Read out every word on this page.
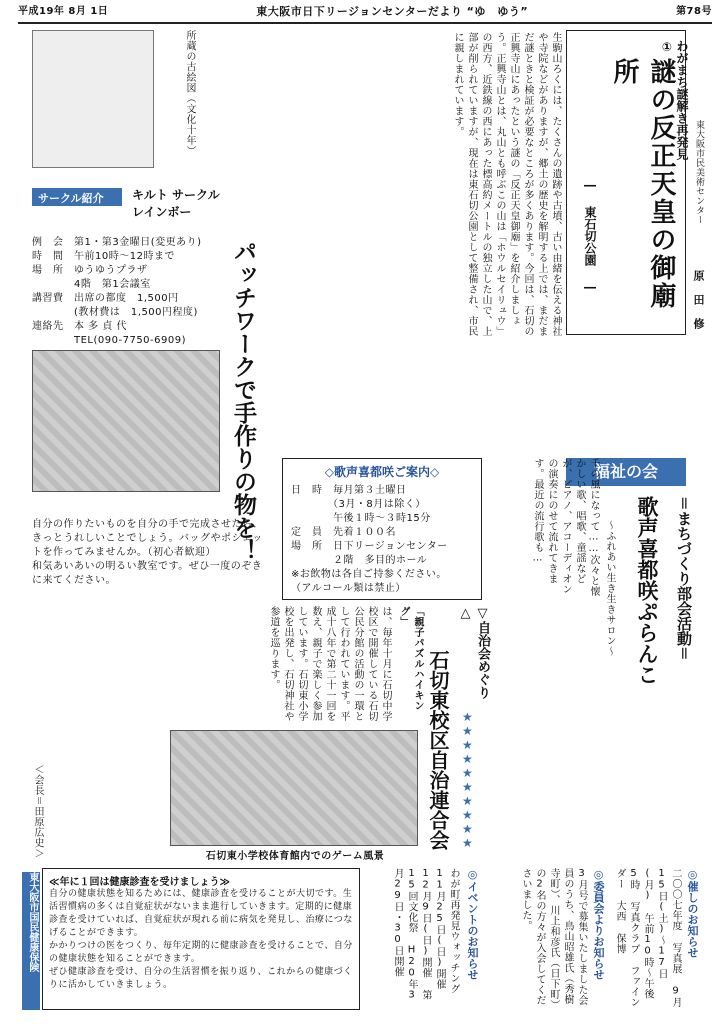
平成19年 8月 1日	東大阪市日下リージョンセンターだより “ゆ　ゆう”	第78号
所蔵の古絵図（文化十年）	生駒山ろくには、たくさんの遺跡や古墳、古い由緒を伝える神社や寺院などがありますが、郷土の歴史を解明する上では、まだまだ謎ときと検証が必要なところが多くあります。今回は、石切の正興寺山にあったという謎の「反正天皇御廟」を紹介しましょう。正興寺山とは、丸山とも呼ぶこの山は「ホウルセイリュウ」の西方、近鉄線の西にあった標高約メートルの独立した山で、上部が削られていますが、現在は東石切公園として整備され、市民に親しまれています。	わがまち謎解き再発見 ①
謎の反正天皇の御廟所
― 東石切公園 ―
東大阪市民美術センター
原 田 修
サークル紹介	キルト サークル
レインボー
例　会　第1・第3金曜日(変更あり)
時　間　午前10時～12時まで
場　所　ゆうゆうプラザ
　　　　4階　第1会議室
講習費　出席の都度　1,500円
　　　　(教材費は　1,500円程度)
連絡先　本 多 貞 代
　　　　TEL(090-7750-6909)	パッチワークで手作りの物を！
自分の作りたいものを自分の手で完成させたら、きっとうれしいことでしょう。バッグやポシェットを作ってみませんか。（初心者歓迎）
和気あいあいの明るい教室です。ぜひ一度のぞきに来てください。
◇歌声喜都咲ご案内◇
日　時　毎月第３土曜日
　　　　（3月・8月は除く）
　　　　午後１時～３時15分
定　員　先着１００名
場　所　日下リージョンセンター
　　　　２階　多目的ホール
※お飲物は各自ご持参ください。
（アルコール類は禁止）
福祉の会
歌声喜都咲ぷらんこ
～ふれあい生き生きサロン～	＝まちづくり部会活動＝
千の風になって……次々と懐かしい歌、唱歌、童謡などが、ピアノ、アコーディオンの演奏にのせて流れてきます。最近の流行歌も…
▽自治会めぐり△
石切東校区自治連合会
「親子パズルハイキング」
は、毎年十月に石切中学校区で開催している石切公民分館の活動の一環として行われています。平成十八年で第二十一回を数え、親子で楽しく参加しています。石切東小学校を出発し、石切神社や参道を巡ります。
石切東小学校体育館内でのゲーム風景
＜会長＝田原広史＞
★
★
★
★
★
★
★
★
★
★
◎催しのお知らせ
二〇〇七年度 写真展 9月15日(土)～17日(月) 午前10時～午後5時 写真クラブ ファインダー 大西 保博
◎委員会よりお知らせ
3月号で募集いたしました会員のうち、鳥山昭雄氏（秀樹寺町）、川上和彦氏（日下町）の2名の方々が入会してくださいました。
◎イベントのお知らせ
わが町再発見ウォッチング 11月25日(日)開催 12月9日(日)開催 第15回文化祭 H20年3月29日・30日開催
≪年に１回は健康診査を受けましょう≫
自分の健康状態を知るためには、健康診査を受けることが大切です。生活習慣病の多くは自覚症状がないまま進行していきます。定期的に健康診査を受けていれば、自覚症状が現れる前に病気を発見し、治療につなげることができます。
かかりつけの医をつくり、毎年定期的に健康診査を受けることで、自分の健康状態を知ることができます。
ぜひ健康診査を受け、自分の生活習慣を振り返り、これからの健康づくりに活かしていきましょう。
東大阪市国民健康保険
